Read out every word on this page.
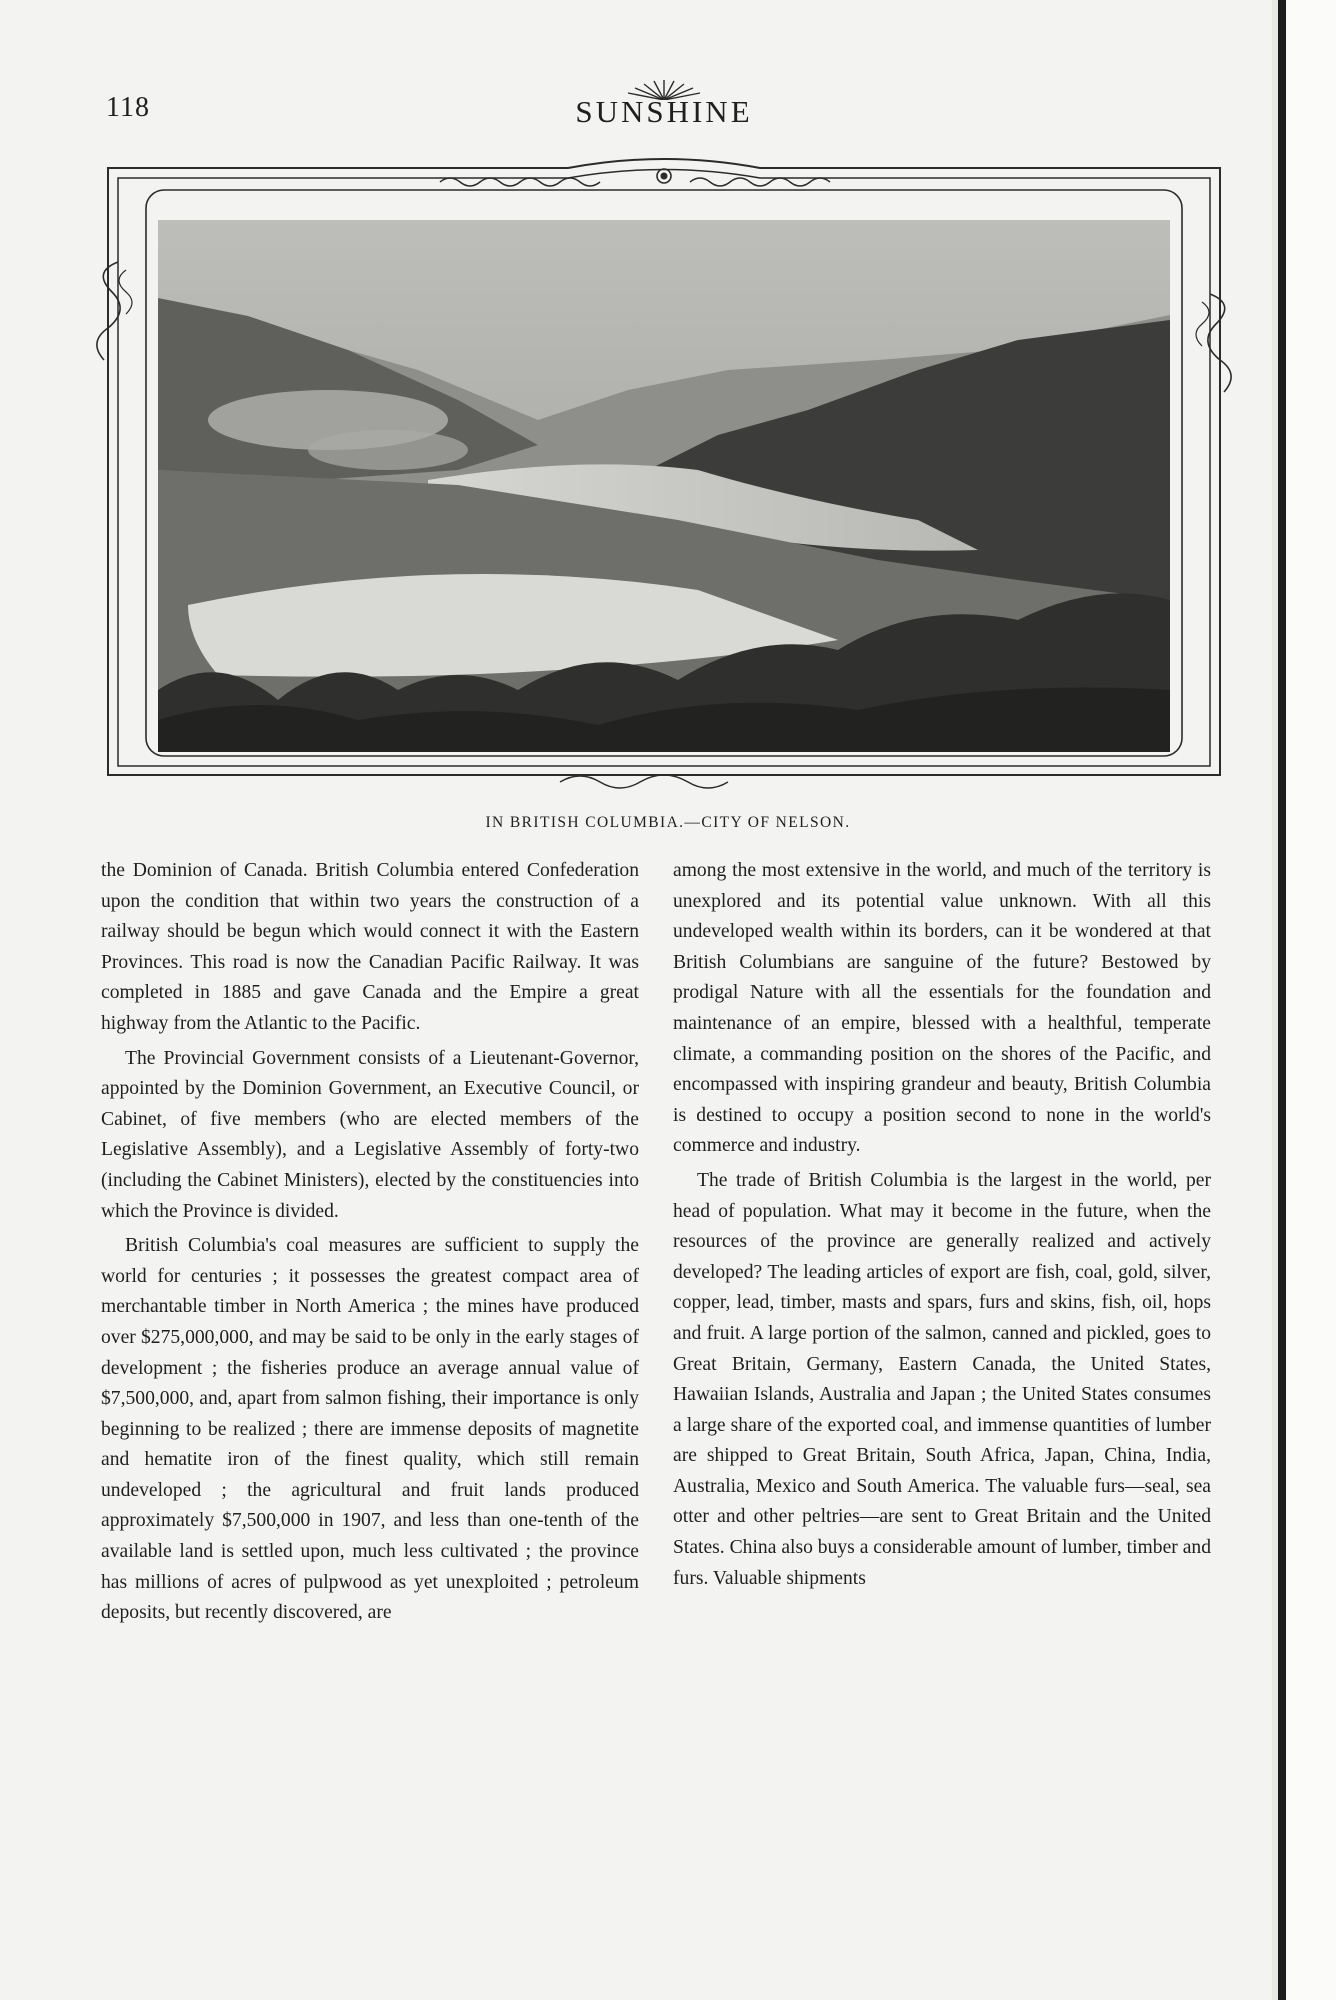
118	SUNSHINE
IN BRITISH COLUMBIA.—CITY OF NELSON.

the Dominion of Canada. British Columbia entered Confederation upon the condition that within two years the construction of a railway should be begun which would connect it with the Eastern Provinces. This road is now the Canadian Pacific Railway. It was completed in 1885 and gave Canada and the Empire a great highway from the Atlantic to the Pacific.

The Provincial Government consists of a Lieutenant-Governor, appointed by the Dominion Government, an Executive Council, or Cabinet, of five members (who are elected members of the Legislative Assembly), and a Legislative Assembly of forty-two (including the Cabinet Ministers), elected by the constituencies into which the Province is divided.

British Columbia's coal measures are sufficient to supply the world for centuries ; it possesses the greatest compact area of merchantable timber in North America ; the mines have produced over $275,000,000, and may be said to be only in the early stages of development ; the fisheries produce an average annual value of $7,500,000, and, apart from salmon fishing, their importance is only beginning to be realized ; there are immense deposits of magnetite and hematite iron of the finest quality, which still remain undeveloped ; the agricultural and fruit lands produced approximately $7,500,000 in 1907, and less than one-tenth of the available land is settled upon, much less cultivated ; the province has millions of acres of pulpwood as yet unexploited ; petroleum deposits, but recently discovered, are

among the most extensive in the world, and much of the territory is unexplored and its potential value unknown. With all this undeveloped wealth within its borders, can it be wondered at that British Columbians are sanguine of the future? Bestowed by prodigal Nature with all the essentials for the foundation and maintenance of an empire, blessed with a healthful, temperate climate, a commanding position on the shores of the Pacific, and encompassed with inspiring grandeur and beauty, British Columbia is destined to occupy a position second to none in the world's commerce and industry.

The trade of British Columbia is the largest in the world, per head of population. What may it become in the future, when the resources of the province are generally realized and actively developed? The leading articles of export are fish, coal, gold, silver, copper, lead, timber, masts and spars, furs and skins, fish, oil, hops and fruit. A large portion of the salmon, canned and pickled, goes to Great Britain, Germany, Eastern Canada, the United States, Hawaiian Islands, Australia and Japan ; the United States consumes a large share of the exported coal, and immense quantities of lumber are shipped to Great Britain, South Africa, Japan, China, India, Australia, Mexico and South America. The valuable furs—seal, sea otter and other peltries—are sent to Great Britain and the United States. China also buys a considerable amount of lumber, timber and furs. Valuable shipments
